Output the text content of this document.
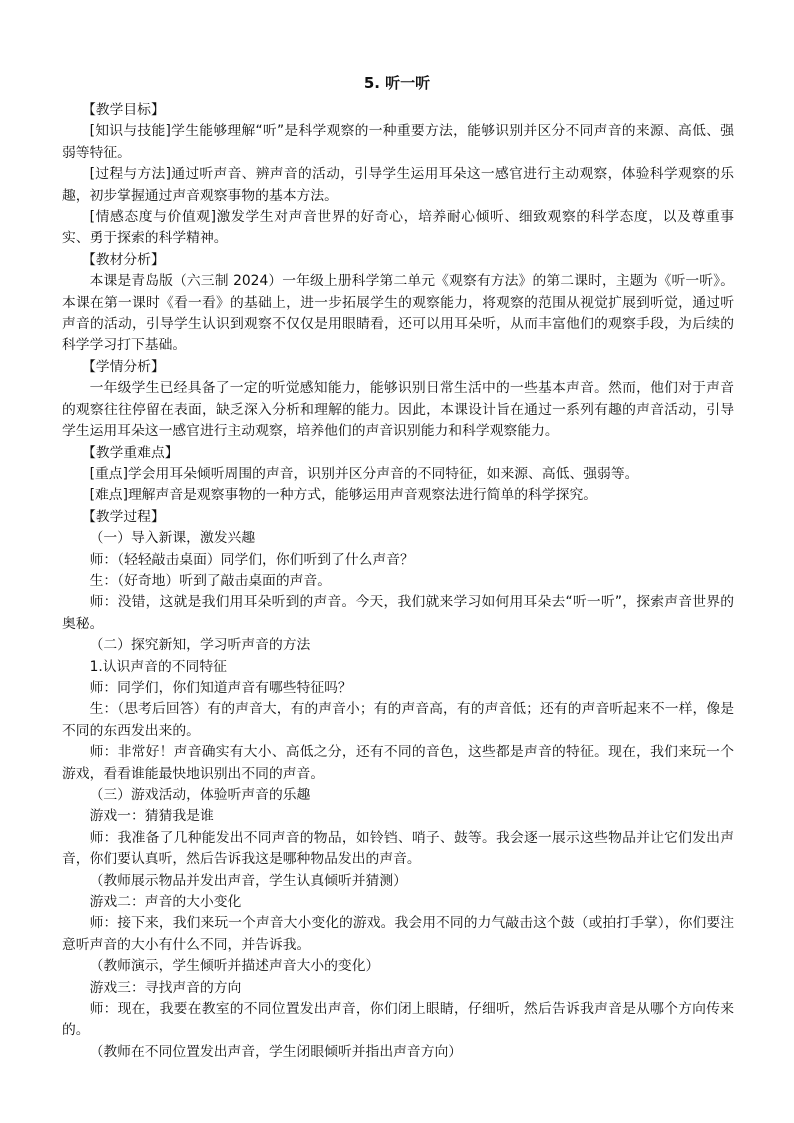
5. 听一听

【教学目标】

[知识与技能]学生能够理解“听”是科学观察的一种重要方法，能够识别并区分不同声音的来源、高低、强弱等特征。

[过程与方法]通过听声音、辨声音的活动，引导学生运用耳朵这一感官进行主动观察，体验科学观察的乐趣，初步掌握通过声音观察事物的基本方法。

[情感态度与价值观]激发学生对声音世界的好奇心，培养耐心倾听、细致观察的科学态度，以及尊重事实、勇于探索的科学精神。

【教材分析】

本课是青岛版（六三制 2024）一年级上册科学第二单元《观察有方法》的第二课时，主题为《听一听》。本课在第一课时《看一看》的基础上，进一步拓展学生的观察能力，将观察的范围从视觉扩展到听觉，通过听声音的活动，引导学生认识到观察不仅仅是用眼睛看，还可以用耳朵听，从而丰富他们的观察手段，为后续的科学学习打下基础。

【学情分析】

一年级学生已经具备了一定的听觉感知能力，能够识别日常生活中的一些基本声音。然而，他们对于声音的观察往往停留在表面，缺乏深入分析和理解的能力。因此，本课设计旨在通过一系列有趣的声音活动，引导学生运用耳朵这一感官进行主动观察，培养他们的声音识别能力和科学观察能力。

【教学重难点】

[重点]学会用耳朵倾听周围的声音，识别并区分声音的不同特征，如来源、高低、强弱等。

[难点]理解声音是观察事物的一种方式，能够运用声音观察法进行简单的科学探究。

【教学过程】

（一）导入新课，激发兴趣

师：（轻轻敲击桌面）同学们，你们听到了什么声音？

生：（好奇地）听到了敲击桌面的声音。

师：没错，这就是我们用耳朵听到的声音。今天，我们就来学习如何用耳朵去“听一听”，探索声音世界的奥秘。

（二）探究新知，学习听声音的方法

1.认识声音的不同特征

师：同学们，你们知道声音有哪些特征吗？

生：（思考后回答）有的声音大，有的声音小；有的声音高，有的声音低；还有的声音听起来不一样，像是不同的东西发出来的。

师：非常好！声音确实有大小、高低之分，还有不同的音色，这些都是声音的特征。现在，我们来玩一个游戏，看看谁能最快地识别出不同的声音。

（三）游戏活动，体验听声音的乐趣

游戏一：猜猜我是谁

师：我准备了几种能发出不同声音的物品，如铃铛、哨子、鼓等。我会逐一展示这些物品并让它们发出声音，你们要认真听，然后告诉我这是哪种物品发出的声音。

（教师展示物品并发出声音，学生认真倾听并猜测）

游戏二：声音的大小变化

师：接下来，我们来玩一个声音大小变化的游戏。我会用不同的力气敲击这个鼓（或拍打手掌），你们要注意听声音的大小有什么不同，并告诉我。

（教师演示，学生倾听并描述声音大小的变化）

游戏三：寻找声音的方向

师：现在，我要在教室的不同位置发出声音，你们闭上眼睛，仔细听，然后告诉我声音是从哪个方向传来的。

（教师在不同位置发出声音，学生闭眼倾听并指出声音方向）
